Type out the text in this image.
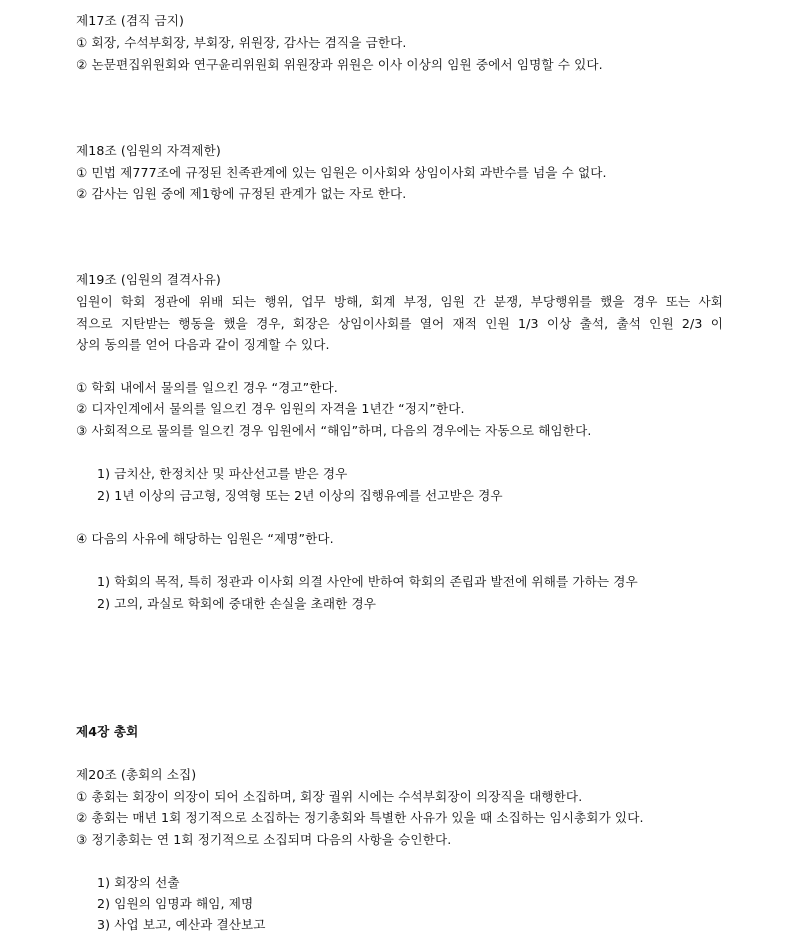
제17조 (겸직 금지)
① 회장, 수석부회장, 부회장, 위원장, 감사는 겸직을 금한다.
② 논문편집위원회와 연구윤리위원회 위원장과 위원은 이사 이상의 임원 중에서 임명할 수 있다.
제18조 (임원의 자격제한)
① 민법 제777조에 규정된 친족관계에 있는 임원은 이사회와 상임이사회 과반수를 넘을 수 없다.
② 감사는 임원 중에 제1항에 규정된 관계가 없는 자로 한다.
제19조 (임원의 결격사유)
임원이 학회 정관에 위배 되는 행위, 업무 방해, 회계 부정, 임원 간 분쟁, 부당행위를 했을 경우 또는 사회
적으로 지탄받는 행동을 했을 경우, 회장은 상임이사회를 열어 재적 인원 1/3 이상 출석, 출석 인원 2/3 이
상의 동의를 얻어 다음과 같이 징계할 수 있다.
① 학회 내에서 물의를 일으킨 경우 “경고”한다.
② 디자인계에서 물의를 일으킨 경우 임원의 자격을 1년간 “정지”한다.
③ 사회적으로 물의를 일으킨 경우 임원에서 “해임”하며, 다음의 경우에는 자동으로 해임한다.
1) 금치산, 한정치산 및 파산선고를 받은 경우
2) 1년 이상의 금고형, 징역형 또는 2년 이상의 집행유예를 선고받은 경우
④ 다음의 사유에 해당하는 임원은 “제명”한다.
1) 학회의 목적, 특히 정관과 이사회 의결 사안에 반하여 학회의 존립과 발전에 위해를 가하는 경우
2) 고의, 과실로 학회에 중대한 손실을 초래한 경우
제4장 총회
제20조 (총회의 소집)
① 총회는 회장이 의장이 되어 소집하며, 회장 궐위 시에는 수석부회장이 의장직을 대행한다.
② 총회는 매년 1회 정기적으로 소집하는 정기총회와 특별한 사유가 있을 때 소집하는 임시총회가 있다.
③ 정기총회는 연 1회 정기적으로 소집되며 다음의 사항을 승인한다.
1) 회장의 선출
2) 임원의 임명과 해임, 제명
3) 사업 보고, 예산과 결산보고
